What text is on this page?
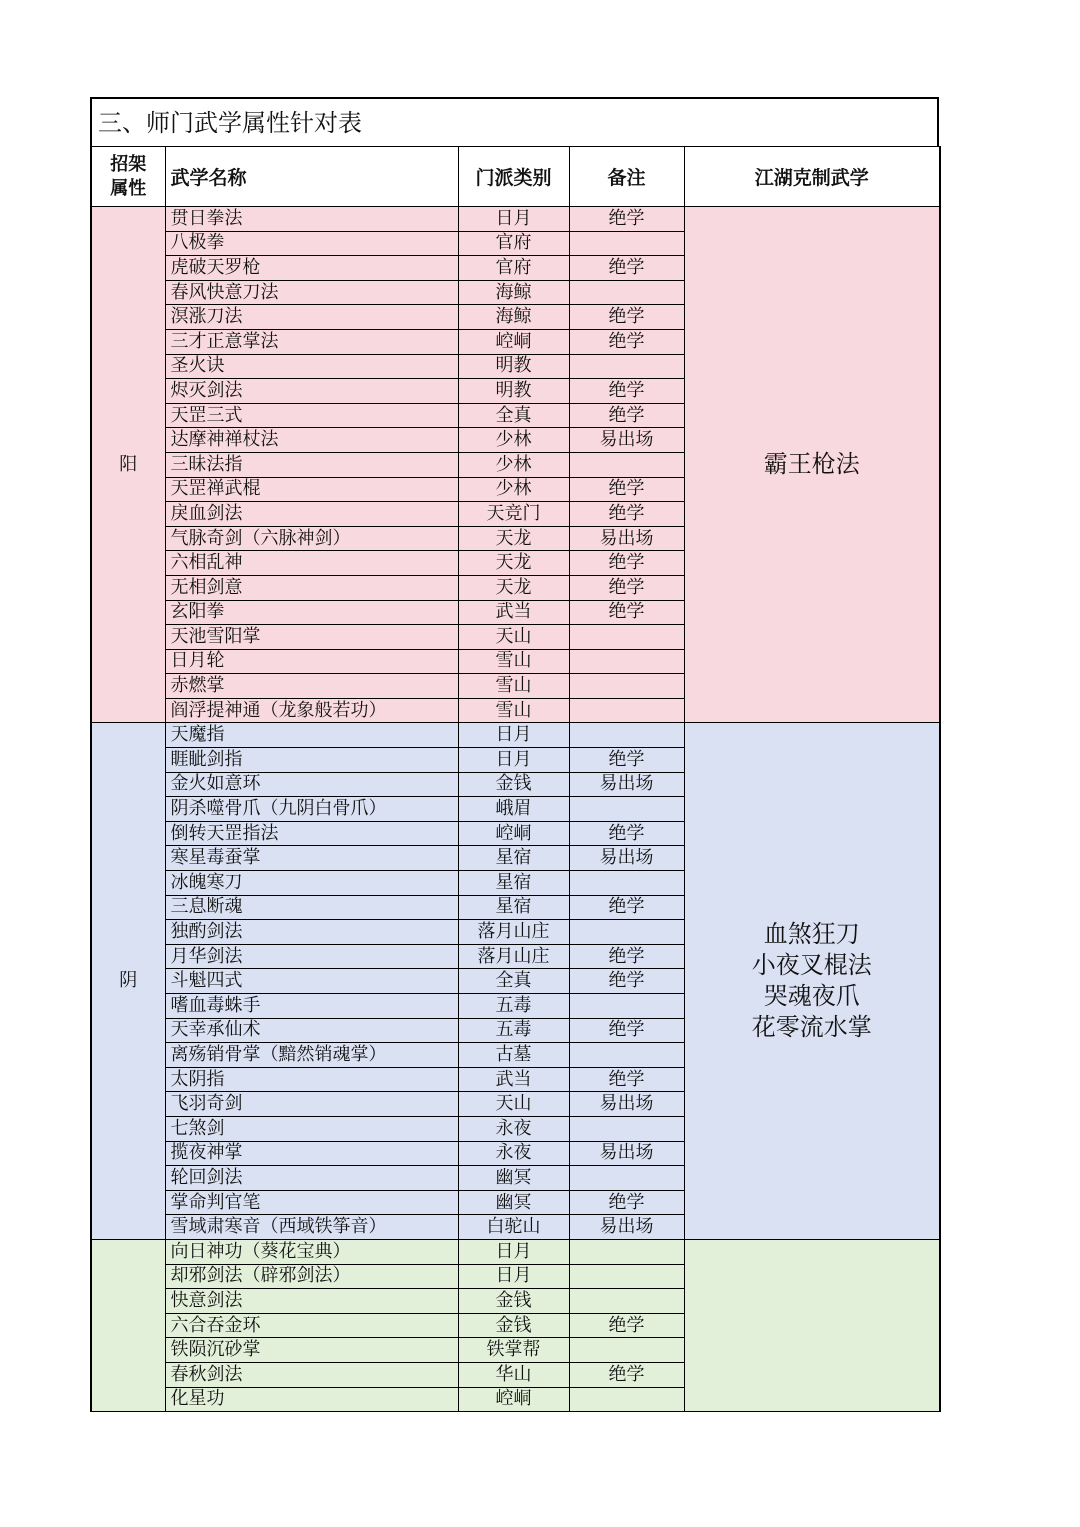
三、师门武学属性针对表
招架
属性	武学名称	门派类别	备注	江湖克制武学
阳	贯日拳法	日月	绝学	霸王枪法

	八极拳	官府		
	虎破天罗枪	官府	绝学	
	春风快意刀法	海鲸		
	溟涨刀法	海鲸	绝学	
	三才正意掌法	崆峒	绝学	
	圣火诀	明教		
	烬灭剑法	明教	绝学	
	天罡三式	全真	绝学	
	达摩神禅杖法	少林	易出场	
	三昧法指	少林		
	天罡禅武棍	少林	绝学	
	戾血剑法	天竞门	绝学	
	气脉奇剑（六脉神剑）	天龙	易出场	
	六相乱神	天龙	绝学	
	无相剑意	天龙	绝学	
	玄阳拳	武当	绝学	
	天池雪阳掌	天山		
	日月轮	雪山		
	赤燃掌	雪山		
	阎浮提神通（龙象般若功）	雪山		
阴	天魔指	日月		血煞狂刀
小夜叉棍法
哭魂夜爪
花零流水掌

	睚眦剑指	日月	绝学	
	金火如意环	金钱	易出场	
	阴杀噬骨爪（九阴白骨爪）	峨眉		
	倒转天罡指法	崆峒	绝学	
	寒星毒蚕掌	星宿	易出场	
	冰魄寒刀	星宿		
	三息断魂	星宿	绝学	
	独酌剑法	落月山庄		
	月华剑法	落月山庄	绝学	
	斗魁四式	全真	绝学	
	嗜血毒蛛手	五毒		
	天幸承仙术	五毒	绝学	
	离殇销骨掌（黯然销魂掌）	古墓		
	太阴指	武当	绝学	
	飞羽奇剑	天山	易出场	
	七煞剑	永夜		
	揽夜神掌	永夜	易出场	
	轮回剑法	幽冥		
	掌命判官笔	幽冥	绝学	
	雪域肃寒音（西域铁筝音）	白驼山	易出场	
	向日神功（葵花宝典）	日月		
	却邪剑法（辟邪剑法）	日月		
	快意剑法	金钱		
	六合吞金环	金钱	绝学	
	铁陨沉砂掌	铁掌帮		
	春秋剑法	华山	绝学	
	化星功	崆峒		
